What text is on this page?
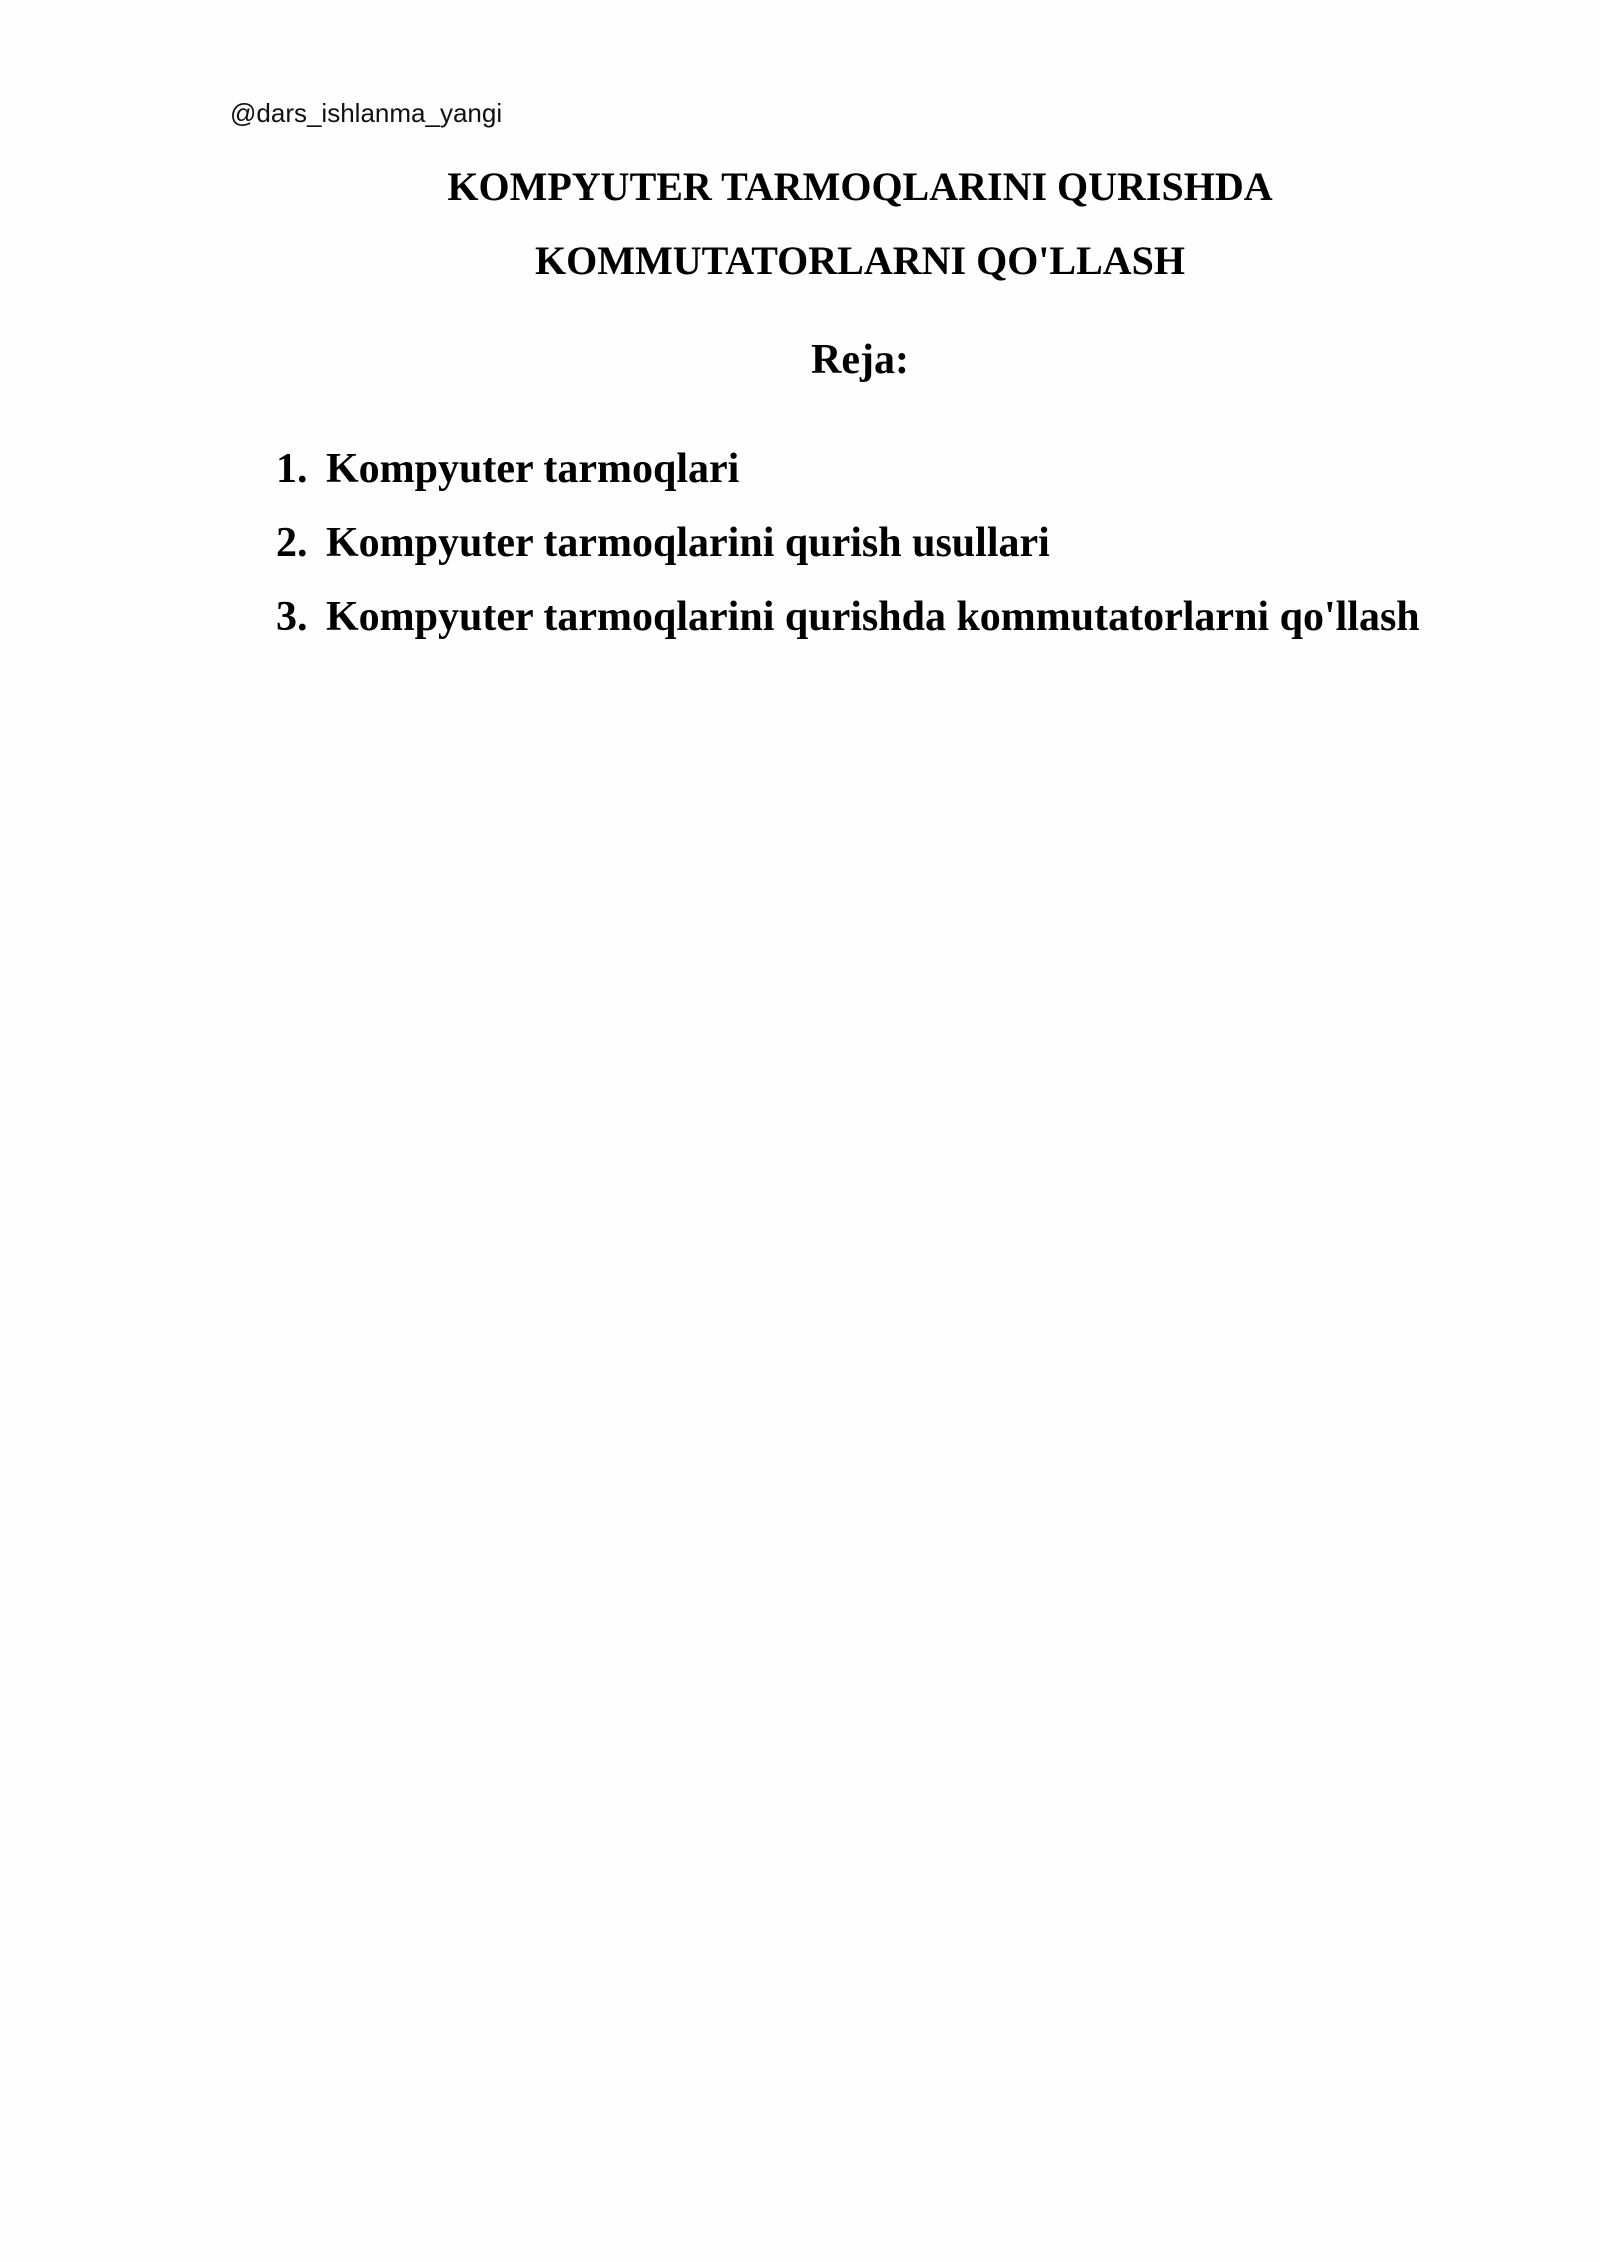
@dars_ishlanma_yangi
KOMPYUTER TARMOQLARINI QURISHDA
KOMMUTATORLARNI QO'LLASH
Reja:
1. Kompyuter tarmoqlari
2. Kompyuter tarmoqlarini qurish usullari
3. Kompyuter tarmoqlarini qurishda kommutatorlarni qo'llash
